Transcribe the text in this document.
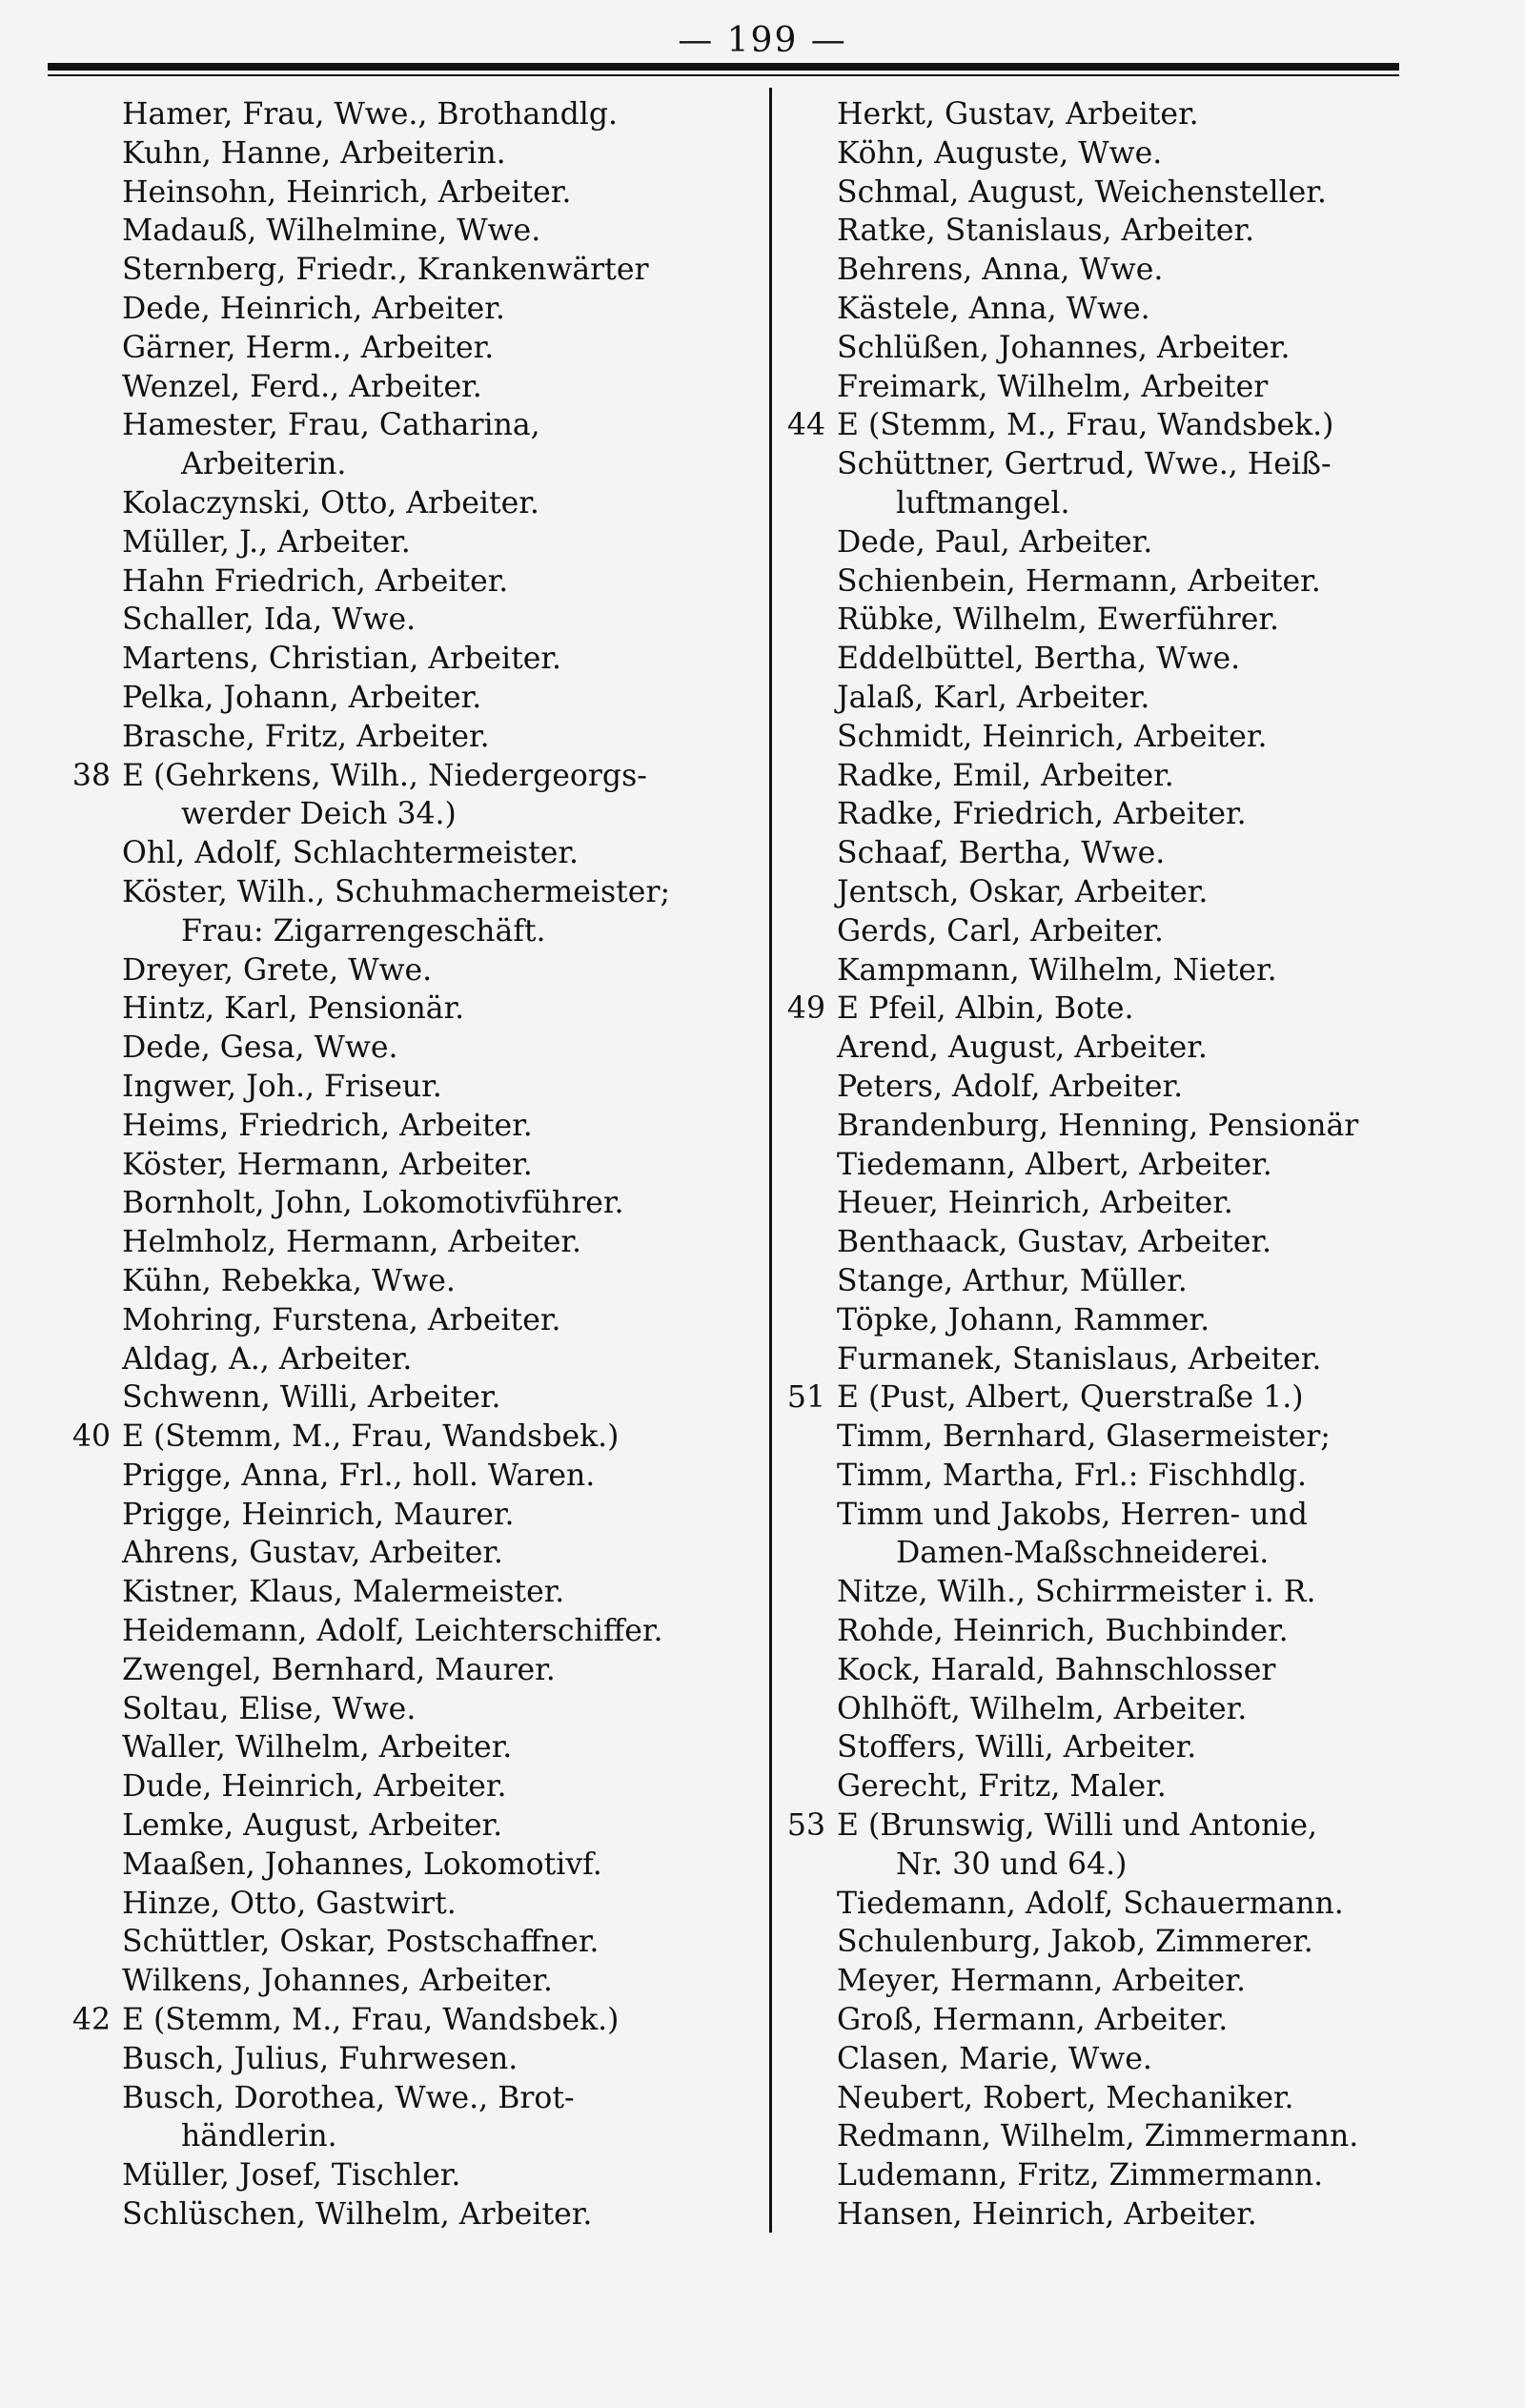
— 199 —
Hamer, Frau, Wwe., Brothandlg.
Kuhn, Hanne, Arbeiterin.
Heinsohn, Heinrich, Arbeiter.
Madauß, Wilhelmine, Wwe.
Sternberg, Friedr., Krankenwärter
Dede, Heinrich, Arbeiter.
Gärner, Herm., Arbeiter.
Wenzel, Ferd., Arbeiter.
Hamester, Frau, Catharina,
Arbeiterin.
Kolaczynski, Otto, Arbeiter.
Müller, J., Arbeiter.
Hahn Friedrich, Arbeiter.
Schaller, Ida, Wwe.
Martens, Christian, Arbeiter.
Pelka, Johann, Arbeiter.
Brasche, Fritz, Arbeiter.
38 E (Gehrkens, Wilh., Niedergeorgs-
werder Deich 34.)
Ohl, Adolf, Schlachtermeister.
Köster, Wilh., Schuhmachermeister;
Frau: Zigarrengeschäft.
Dreyer, Grete, Wwe.
Hintz, Karl, Pensionär.
Dede, Gesa, Wwe.
Ingwer, Joh., Friseur.
Heims, Friedrich, Arbeiter.
Köster, Hermann, Arbeiter.
Bornholt, John, Lokomotivführer.
Helmholz, Hermann, Arbeiter.
Kühn, Rebekka, Wwe.
Mohring, Furstena, Arbeiter.
Aldag, A., Arbeiter.
Schwenn, Willi, Arbeiter.
40 E (Stemm, M., Frau, Wandsbek.)
Prigge, Anna, Frl., holl. Waren.
Prigge, Heinrich, Maurer.
Ahrens, Gustav, Arbeiter.
Kistner, Klaus, Malermeister.
Heidemann, Adolf, Leichterschiffer.
Zwengel, Bernhard, Maurer.
Soltau, Elise, Wwe.
Waller, Wilhelm, Arbeiter.
Dude, Heinrich, Arbeiter.
Lemke, August, Arbeiter.
Maaßen, Johannes, Lokomotivf.
Hinze, Otto, Gastwirt.
Schüttler, Oskar, Postschaffner.
Wilkens, Johannes, Arbeiter.
42 E (Stemm, M., Frau, Wandsbek.)
Busch, Julius, Fuhrwesen.
Busch, Dorothea, Wwe., Brot-
händlerin.
Müller, Josef, Tischler.
Schlüschen, Wilhelm, Arbeiter.
Herkt, Gustav, Arbeiter.
Köhn, Auguste, Wwe.
Schmal, August, Weichensteller.
Ratke, Stanislaus, Arbeiter.
Behrens, Anna, Wwe.
Kästele, Anna, Wwe.
Schlüßen, Johannes, Arbeiter.
Freimark, Wilhelm, Arbeiter
44 E (Stemm, M., Frau, Wandsbek.)
Schüttner, Gertrud, Wwe., Heiß-
luftmangel.
Dede, Paul, Arbeiter.
Schienbein, Hermann, Arbeiter.
Rübke, Wilhelm, Ewerführer.
Eddelbüttel, Bertha, Wwe.
Jalaß, Karl, Arbeiter.
Schmidt, Heinrich, Arbeiter.
Radke, Emil, Arbeiter.
Radke, Friedrich, Arbeiter.
Schaaf, Bertha, Wwe.
Jentsch, Oskar, Arbeiter.
Gerds, Carl, Arbeiter.
Kampmann, Wilhelm, Nieter.
49 E Pfeil, Albin, Bote.
Arend, August, Arbeiter.
Peters, Adolf, Arbeiter.
Brandenburg, Henning, Pensionär
Tiedemann, Albert, Arbeiter.
Heuer, Heinrich, Arbeiter.
Benthaack, Gustav, Arbeiter.
Stange, Arthur, Müller.
Töpke, Johann, Rammer.
Furmanek, Stanislaus, Arbeiter.
51 E (Pust, Albert, Querstraße 1.)
Timm, Bernhard, Glasermeister;
Timm, Martha, Frl.: Fischhdlg.
Timm und Jakobs, Herren- und
Damen-Maßschneiderei.
Nitze, Wilh., Schirrmeister i. R.
Rohde, Heinrich, Buchbinder.
Kock, Harald, Bahnschlosser
Ohlhöft, Wilhelm, Arbeiter.
Stoffers, Willi, Arbeiter.
Gerecht, Fritz, Maler.
53 E (Brunswig, Willi und Antonie,
Nr. 30 und 64.)
Tiedemann, Adolf, Schauermann.
Schulenburg, Jakob, Zimmerer.
Meyer, Hermann, Arbeiter.
Groß, Hermann, Arbeiter.
Clasen, Marie, Wwe.
Neubert, Robert, Mechaniker.
Redmann, Wilhelm, Zimmermann.
Ludemann, Fritz, Zimmermann.
Hansen, Heinrich, Arbeiter.
